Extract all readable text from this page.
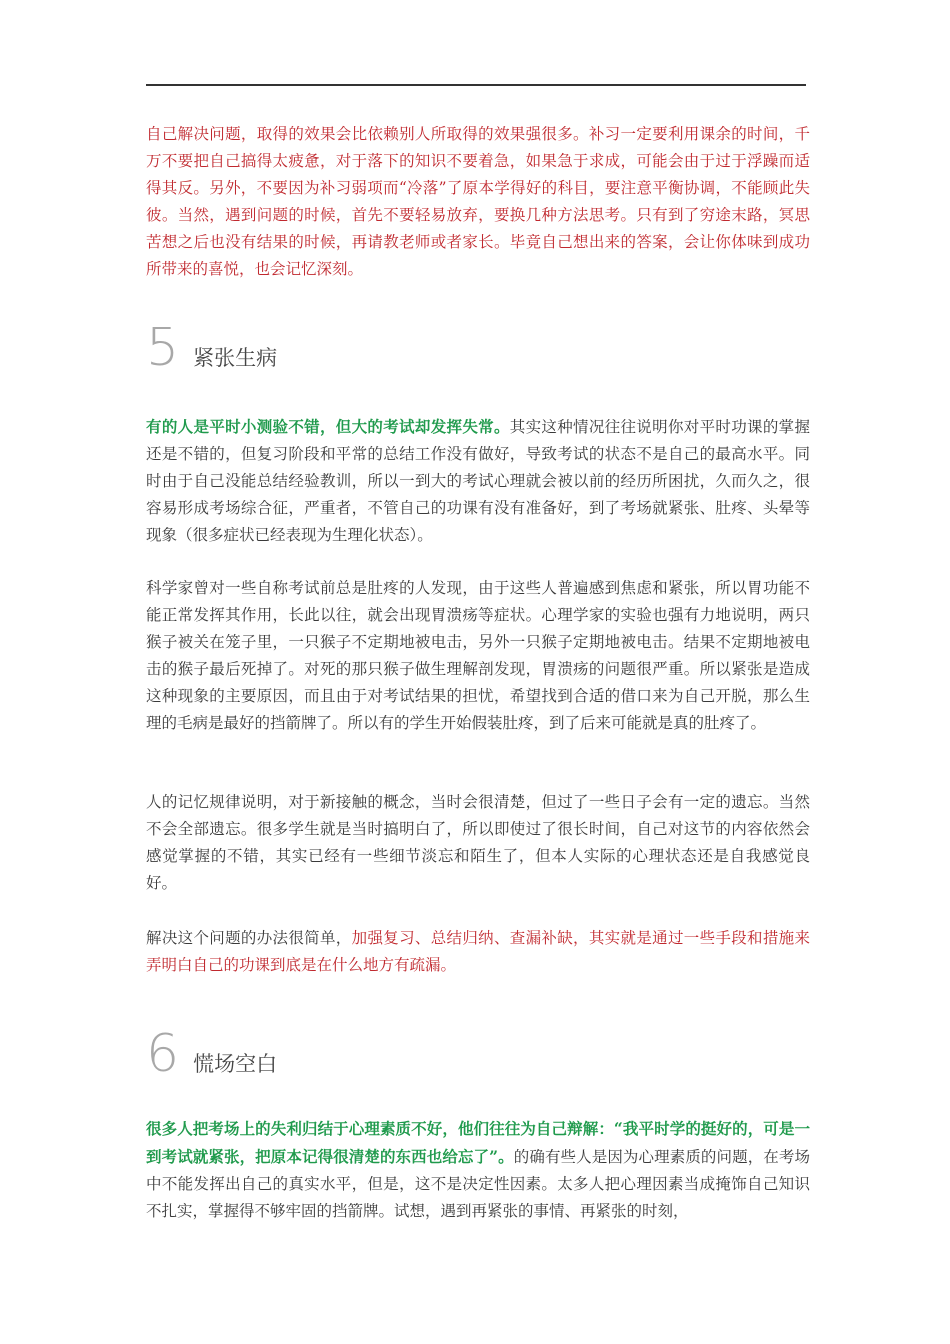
自己解决问题，取得的效果会比依赖别人所取得的效果强很多。补习一定要利用课余的时间，千万不要把自己搞得太疲惫，对于落下的知识不要着急，如果急于求成，可能会由于过于浮躁而适得其反。另外，不要因为补习弱项而“冷落”了原本学得好的科目，要注意平衡协调，不能顾此失彼。当然，遇到问题的时候，首先不要轻易放弃，要换几种方法思考。只有到了穷途末路，冥思苦想之后也没有结果的时候，再请教老师或者家长。毕竟自己想出来的答案，会让你体味到成功所带来的喜悦，也会记忆深刻。

5 紧张生病

有的人是平时小测验不错，但大的考试却发挥失常。其实这种情况往往说明你对平时功课的掌握还是不错的，但复习阶段和平常的总结工作没有做好，导致考试的状态不是自己的最高水平。同时由于自己没能总结经验教训，所以一到大的考试心理就会被以前的经历所困扰，久而久之，很容易形成考场综合征，严重者，不管自己的功课有没有准备好，到了考场就紧张、肚疼、头晕等现象（很多症状已经表现为生理化状态）。

科学家曾对一些自称考试前总是肚疼的人发现，由于这些人普遍感到焦虑和紧张，所以胃功能不能正常发挥其作用，长此以往，就会出现胃溃疡等症状。心理学家的实验也强有力地说明，两只猴子被关在笼子里，一只猴子不定期地被电击，另外一只猴子定期地被电击。结果不定期地被电击的猴子最后死掉了。对死的那只猴子做生理解剖发现，胃溃疡的问题很严重。所以紧张是造成这种现象的主要原因，而且由于对考试结果的担忧，希望找到合适的借口来为自己开脱，那么生理的毛病是最好的挡箭牌了。所以有的学生开始假装肚疼，到了后来可能就是真的肚疼了。

人的记忆规律说明，对于新接触的概念，当时会很清楚，但过了一些日子会有一定的遗忘。当然不会全部遗忘。很多学生就是当时搞明白了，所以即使过了很长时间，自己对这节的内容依然会感觉掌握的不错，其实已经有一些细节淡忘和陌生了，但本人实际的心理状态还是自我感觉良好。

解决这个问题的办法很简单，加强复习、总结归纳、查漏补缺，其实就是通过一些手段和措施来弄明白自己的功课到底是在什么地方有疏漏。

6 慌场空白

很多人把考场上的失利归结于心理素质不好，他们往往为自己辩解：“我平时学的挺好的，可是一到考试就紧张，把原本记得很清楚的东西也给忘了”。的确有些人是因为心理素质的问题，在考场中不能发挥出自己的真实水平，但是，这不是决定性因素。太多人把心理因素当成掩饰自己知识不扎实，掌握得不够牢固的挡箭牌。试想，遇到再紧张的事情、再紧张的时刻，
